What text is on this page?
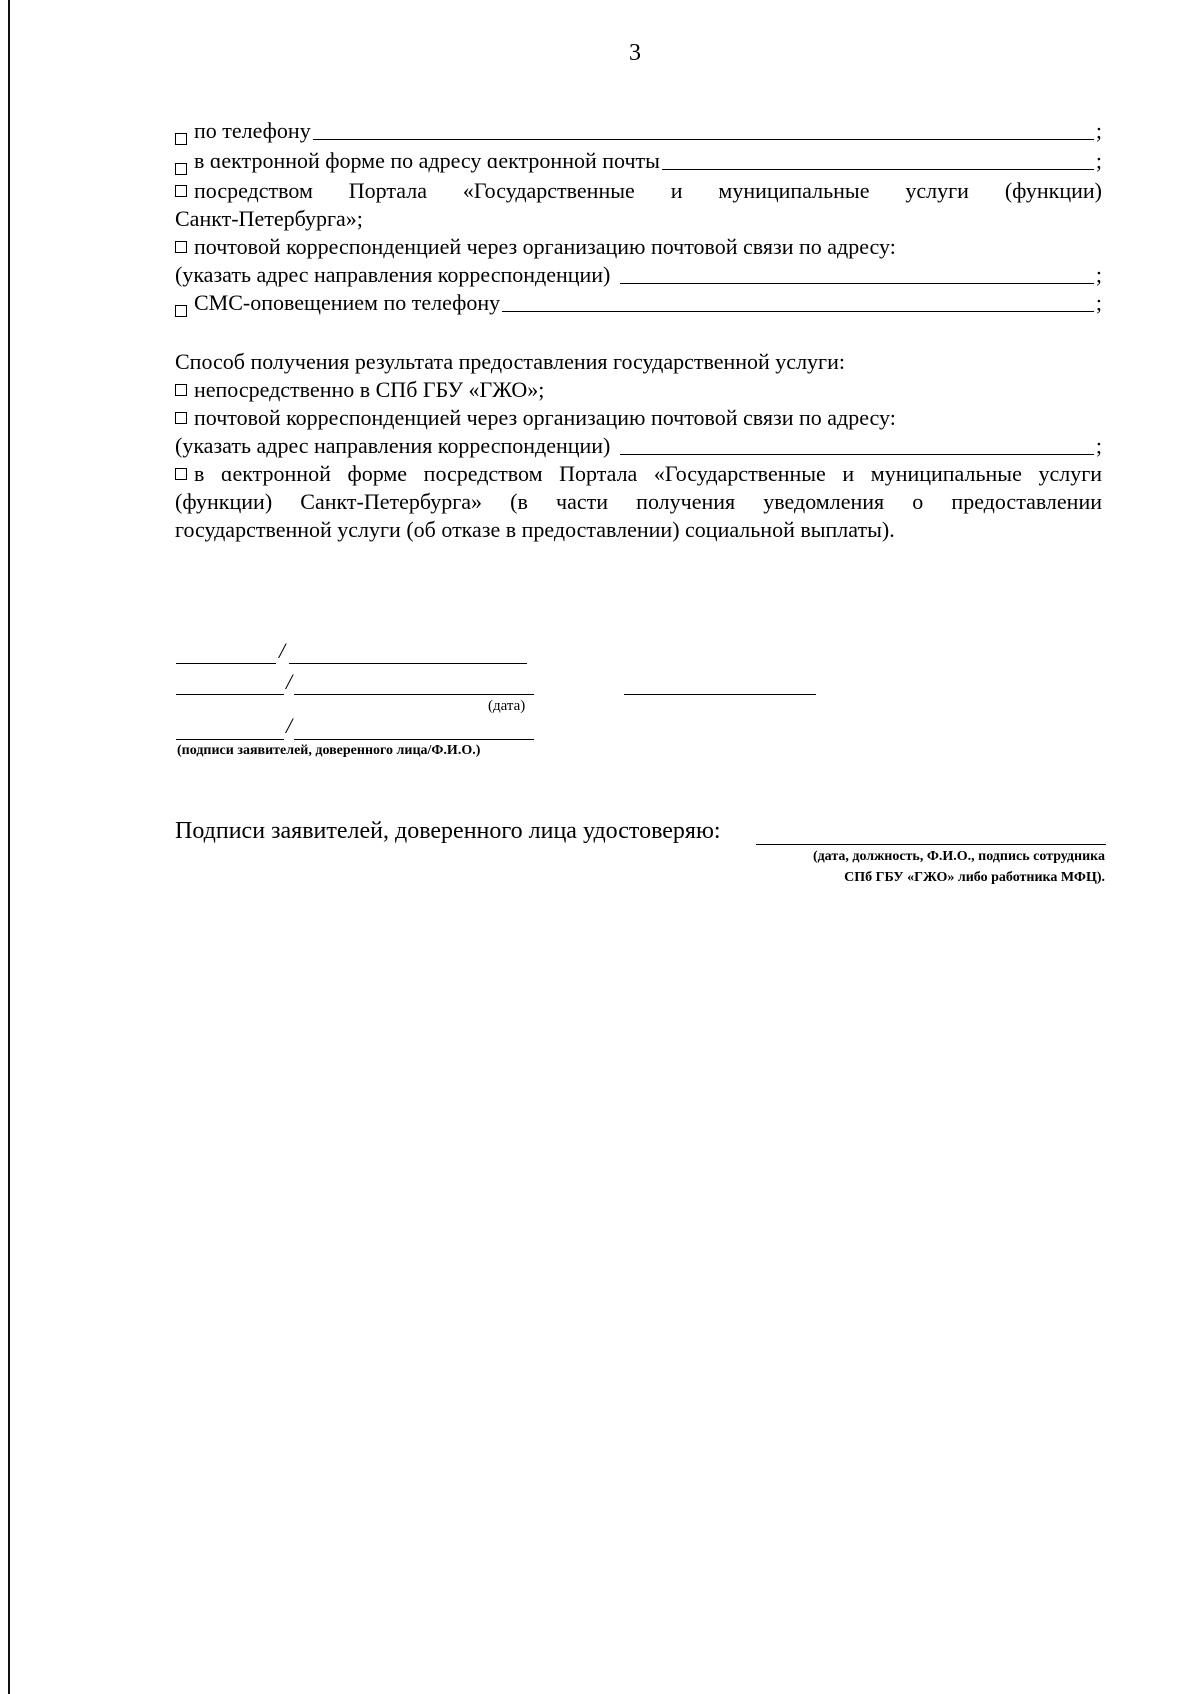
3
по телефону	;
в ɑектронной форме по адресу ɑектронной почты	;
посредством Портала «Государственные и муниципальные услуги (функции)
Санкт-Петербурга»;
почтовой корреспонденцией через организацию почтовой связи по адресу:
(указать адрес направления корреспонденции)	;
СМС-оповещением по телефону	;
Способ получения результата предоставления государственной услуги:
непосредственно в СПб ГБУ «ГЖО»;
почтовой корреспонденцией через организацию почтовой связи по адресу:
(указать адрес направления корреспонденции)	;
в ɑектронной форме посредством Портала «Государственные и муниципальные услуги
(функции) Санкт-Петербурга» (в части получения уведомления о предоставлении
государственной услуги (об отказе в предоставлении) социальной выплаты).
/
/
(дата)
/
(подписи заявителей, доверенного лица/Ф.И.О.)
Подписи заявителей, доверенного лица удостоверяю:
(дата, должность, Ф.И.О., подпись сотрудника
СПб ГБУ «ГЖО» либо работника МФЦ).
